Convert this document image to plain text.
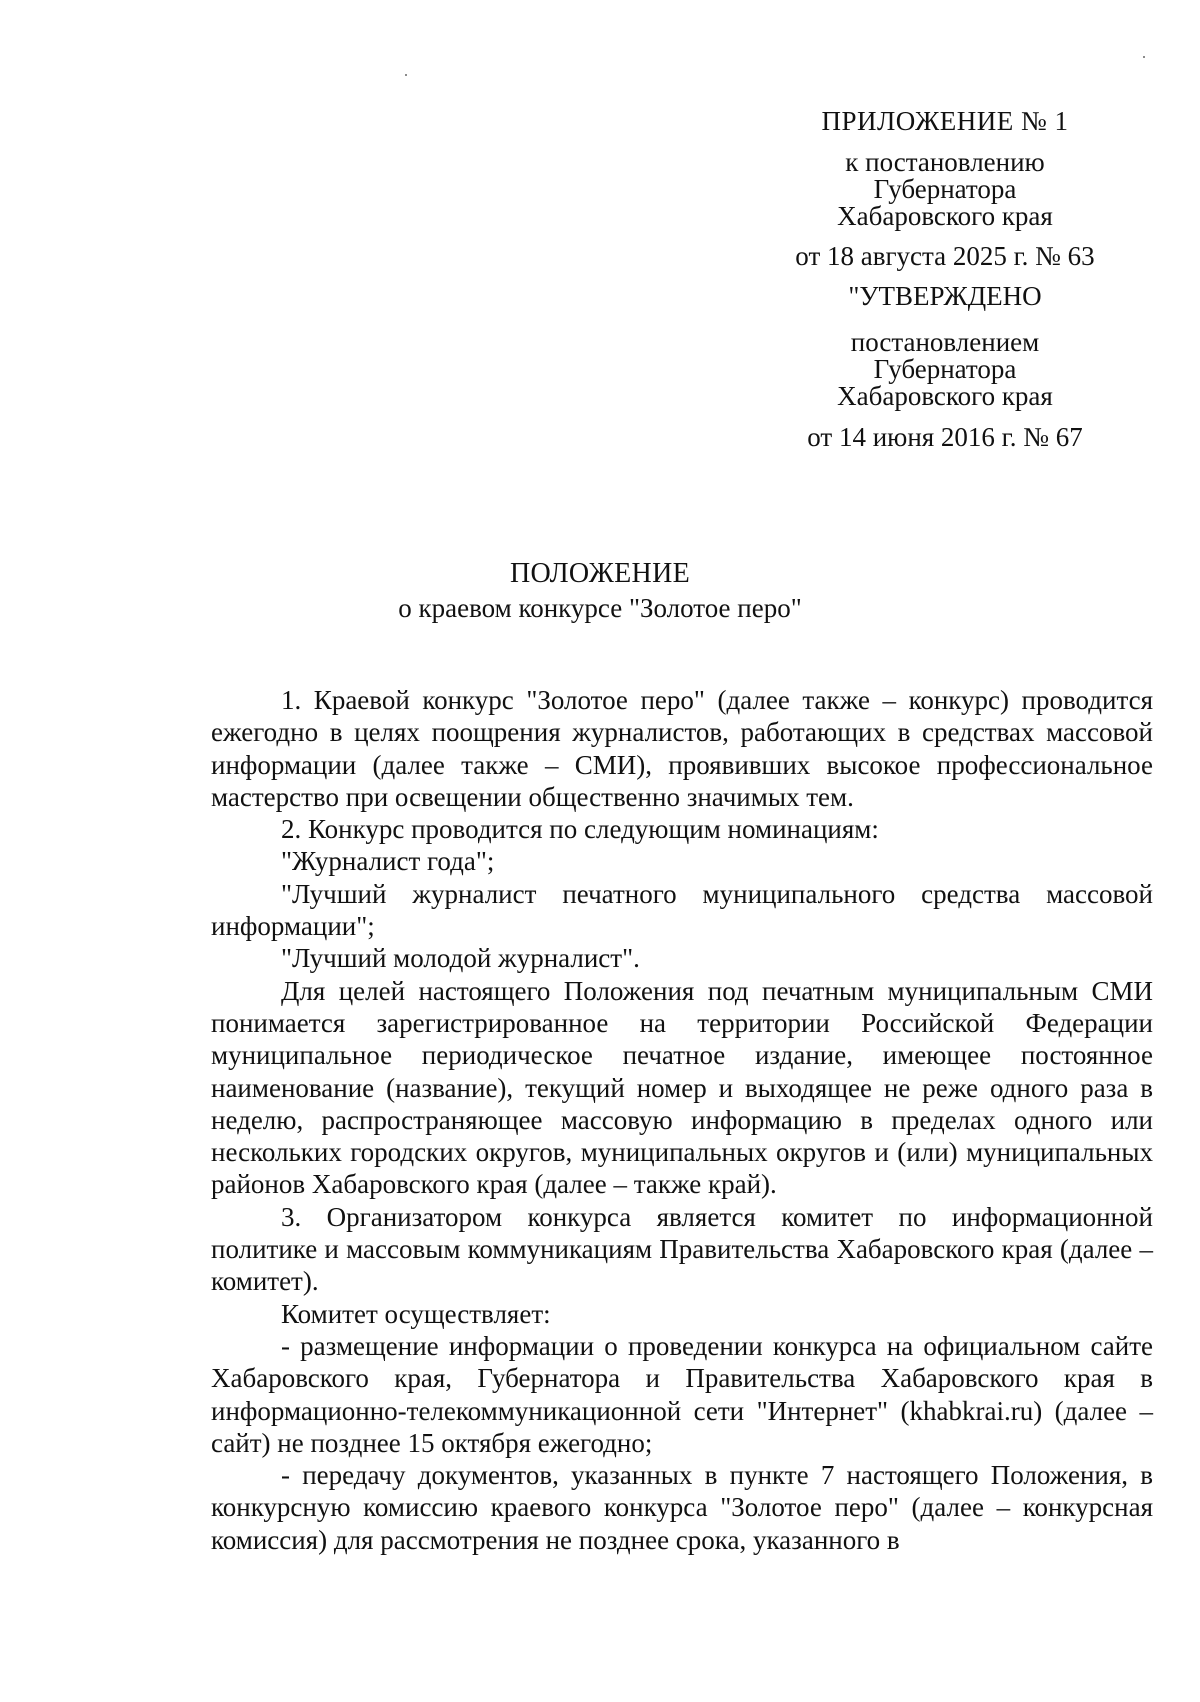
ПРИЛОЖЕНИЕ № 1
к постановлению
Губернатора
Хабаровского края
от 18 августа 2025 г. № 63
"УТВЕРЖДЕНО
постановлением
Губернатора
Хабаровского края
от 14 июня 2016 г. № 67
ПОЛОЖЕНИЕ
о краевом конкурсе "Золотое перо"

1. Краевой конкурс "Золотое перо" (далее также – конкурс) проводится ежегодно в целях поощрения журналистов, работающих в средствах массовой информации (далее также – СМИ), проявивших высокое профессиональное мастерство при освещении общественно значимых тем.

2. Конкурс проводится по следующим номинациям:

"Журналист года";

"Лучший журналист печатного муниципального средства массовой информации";

"Лучший молодой журналист".

Для целей настоящего Положения под печатным муниципальным СМИ понимается зарегистрированное на территории Российской Федерации муниципальное периодическое печатное издание, имеющее постоянное наименование (название), текущий номер и выходящее не реже одного раза в неделю, распространяющее массовую информацию в пределах одного или нескольких городских округов, муниципальных округов и (или) муниципальных районов Хабаровского края (далее – также край).

3. Организатором конкурса является комитет по информационной политике и массовым коммуникациям Правительства Хабаровского края (далее – комитет).

Комитет осуществляет:

- размещение информации о проведении конкурса на официальном сайте Хабаровского края, Губернатора и Правительства Хабаровского края в информационно-телекоммуникационной сети "Интернет" (khabkrai.ru) (далее – сайт) не позднее 15 октября ежегодно;

- передачу документов, указанных в пункте 7 настоящего Положения, в конкурсную комиссию краевого конкурса "Золотое перо" (далее – конкурсная комиссия) для рассмотрения не позднее срока, указанного в
